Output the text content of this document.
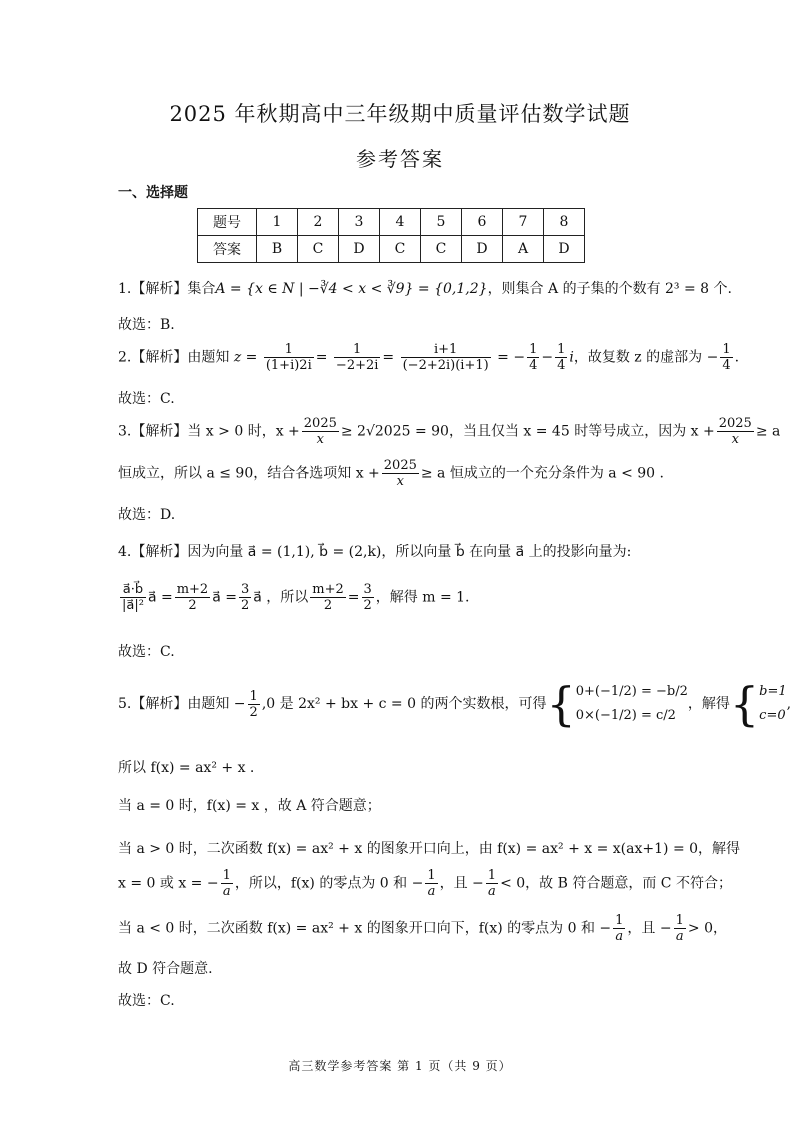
2025 年秋期高中三年级期中质量评估数学试题
参考答案
一、选择题
题号	1	2	3	4	5	6	7	8
答案	B	C	D	C	C	D	A	D
1.【解析】集合A = {x ∈ N | −∛4 < x < ∛9} = {0,1,2}，则集合 A 的子集的个数有 2³ = 8 个.
故选：B.
2.【解析】由题知 $z = \frac{1}{(1+i)2i} = \frac{1}{-2+2i} = \frac{i+1}{(-2+2i)(i+1)}$ = − $\frac{1}{4} - \frac{1}{4}$ i，故复数 z 的虚部为 − $\frac{1}{4}$ .
故选：C.
3.【解析】当 x > 0 时，$x + \frac{2025}{x} \ge 2√2025 = 90$，当且仅当 x = 45 时等号成立，因为 $x + \frac{2025}{x} \ge a$
恒成立，所以 a ≤ 90，结合各选项知 $x + \frac{2025}{x} \ge a$ 恒成立的一个充分条件为 a < 90 .
故选：D.
4.【解析】因为向量 a⃗ = (1,1), b⃗ = (2,k)，所以向量 b⃗ 在向量 a⃗ 上的投影向量为:
$\frac{a⃗\cdot b⃗}{\text{|a⃗|²}}$ a⃗ = $\frac{m+2}{2}$ a⃗ = $\frac{3}{2}$ a⃗ ，所以 $\frac{m+2}{2} = \frac{3}{2}$ ，解得 m = 1.
故选：C.
5.【解析】由题知 − $\frac{1}{2} ,0$ 是 2x² + bx + c = 0 的两个实数根，可得{ 0+(−1/2) = −b/2
0×(−1/2) = c/2
，解得{ b=1
c=0
,
所以 f(x) = ax² + x .
当 a = 0 时，f(x) = x ，故 A 符合题意；
当 a > 0 时，二次函数 f(x) = ax² + x 的图象开口向上，由 f(x) = ax² + x = x(ax+1) = 0，解得
x = 0 或 x = − $\frac{1}{a}$ ，所以，f(x) 的零点为 0 和 − $\frac{1}{a}$ ，且 − $\frac{1}{a} < 0$，故 B 符合题意，而 C 不符合；
当 a < 0 时，二次函数 f(x) = ax² + x 的图象开口向下，f(x) 的零点为 0 和 − $\frac{1}{a}$ ，且 − $\frac{1}{a} > 0$，
故 D 符合题意.
故选：C.
高三数学参考答案 第 1 页（共 9 页）
